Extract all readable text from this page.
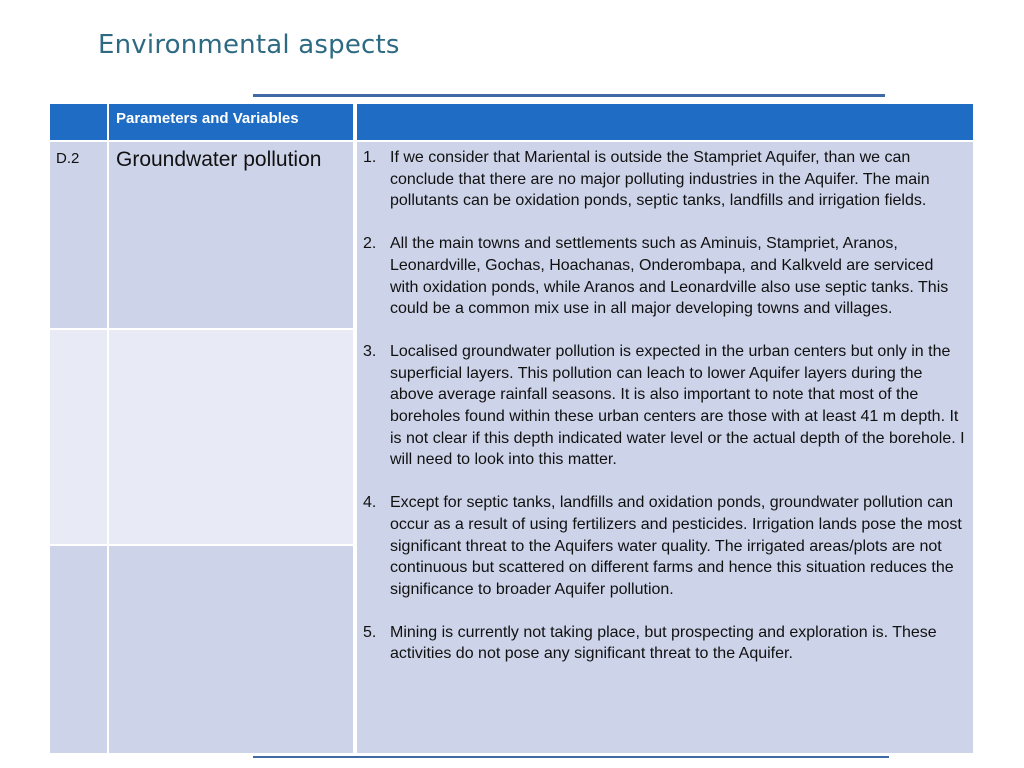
Environmental aspects
Parameters and Variables
D.2 Groundwater pollution	1. If we consider that Mariental is outside the Stampriet Aquifer, than we can conclude that there are no major polluting industries in the Aquifer. The main pollutants can be oxidation ponds, septic tanks, landfills and irrigation fields.
2. All the main towns and settlements such as Aminuis, Stampriet, Aranos, Leonardville, Gochas, Hoachanas, Onderombapa, and Kalkveld are serviced with oxidation ponds, while Aranos and Leonardville also use septic tanks. This could be a common mix use in all major developing towns and villages.
3. Localised groundwater pollution is expected in the urban centers but only in the superficial layers. This pollution can leach to lower Aquifer layers during the above average rainfall seasons. It is also important to note that most of the boreholes found within these urban centers are those with at least 41 m depth. It is not clear if this depth indicated water level or the actual depth of the borehole. I will need to look into this matter.
4. Except for septic tanks, landfills and oxidation ponds, groundwater pollution can occur as a result of using fertilizers and pesticides. Irrigation lands pose the most significant threat to the Aquifers water quality. The irrigated areas/plots are not continuous but scattered on different farms and hence this situation reduces the significance to broader Aquifer pollution.
5. Mining is currently not taking place, but prospecting and exploration is. These activities do not pose any significant threat to the Aquifer.
